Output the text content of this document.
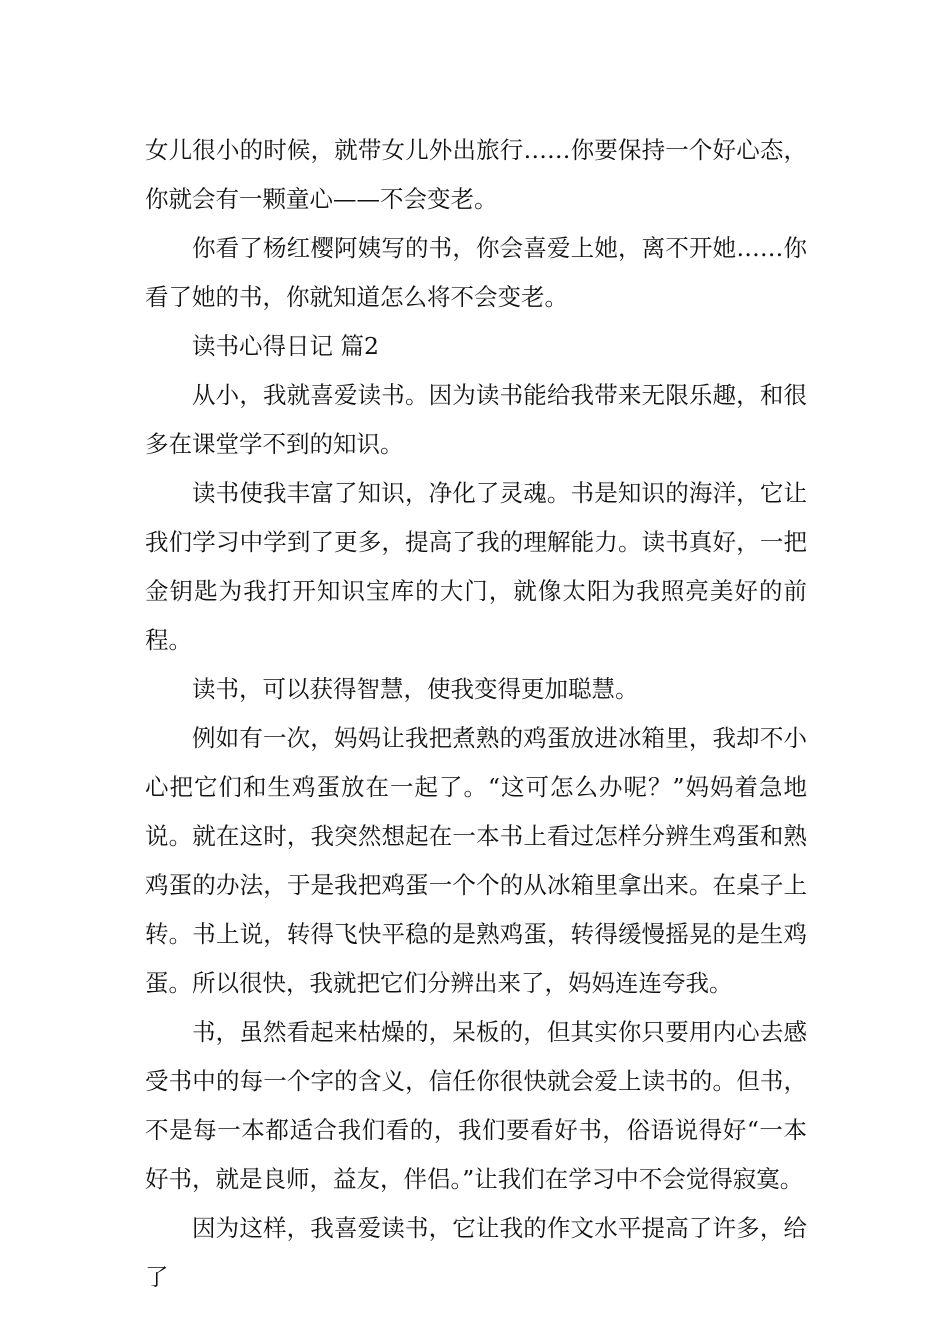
女儿很小的时候，就带女儿外出旅行……你要保持一个好心态，你就会有一颗童心——不会变老。

你看了杨红樱阿姨写的书，你会喜爱上她，离不开她……你看了她的书，你就知道怎么将不会变老。

读书心得日记 篇2

从小，我就喜爱读书。因为读书能给我带来无限乐趣，和很多在课堂学不到的知识。

读书使我丰富了知识，净化了灵魂。书是知识的海洋，它让我们学习中学到了更多，提高了我的理解能力。读书真好，一把金钥匙为我打开知识宝库的大门，就像太阳为我照亮美好的前程。

读书，可以获得智慧，使我变得更加聪慧。

例如有一次，妈妈让我把煮熟的鸡蛋放进冰箱里，我却不小心把它们和生鸡蛋放在一起了。“这可怎么办呢？”妈妈着急地说。就在这时，我突然想起在一本书上看过怎样分辨生鸡蛋和熟鸡蛋的办法，于是我把鸡蛋一个个的从冰箱里拿出来。在桌子上转。书上说，转得飞快平稳的是熟鸡蛋，转得缓慢摇晃的是生鸡蛋。所以很快，我就把它们分辨出来了，妈妈连连夸我。

书，虽然看起来枯燥的，呆板的，但其实你只要用内心去感受书中的每一个字的含义，信任你很快就会爱上读书的。但书，不是每一本都适合我们看的，我们要看好书，俗语说得好“一本好书，就是良师，益友，伴侣。”让我们在学习中不会觉得寂寞。

因为这样，我喜爱读书，它让我的作文水平提高了许多，给了
